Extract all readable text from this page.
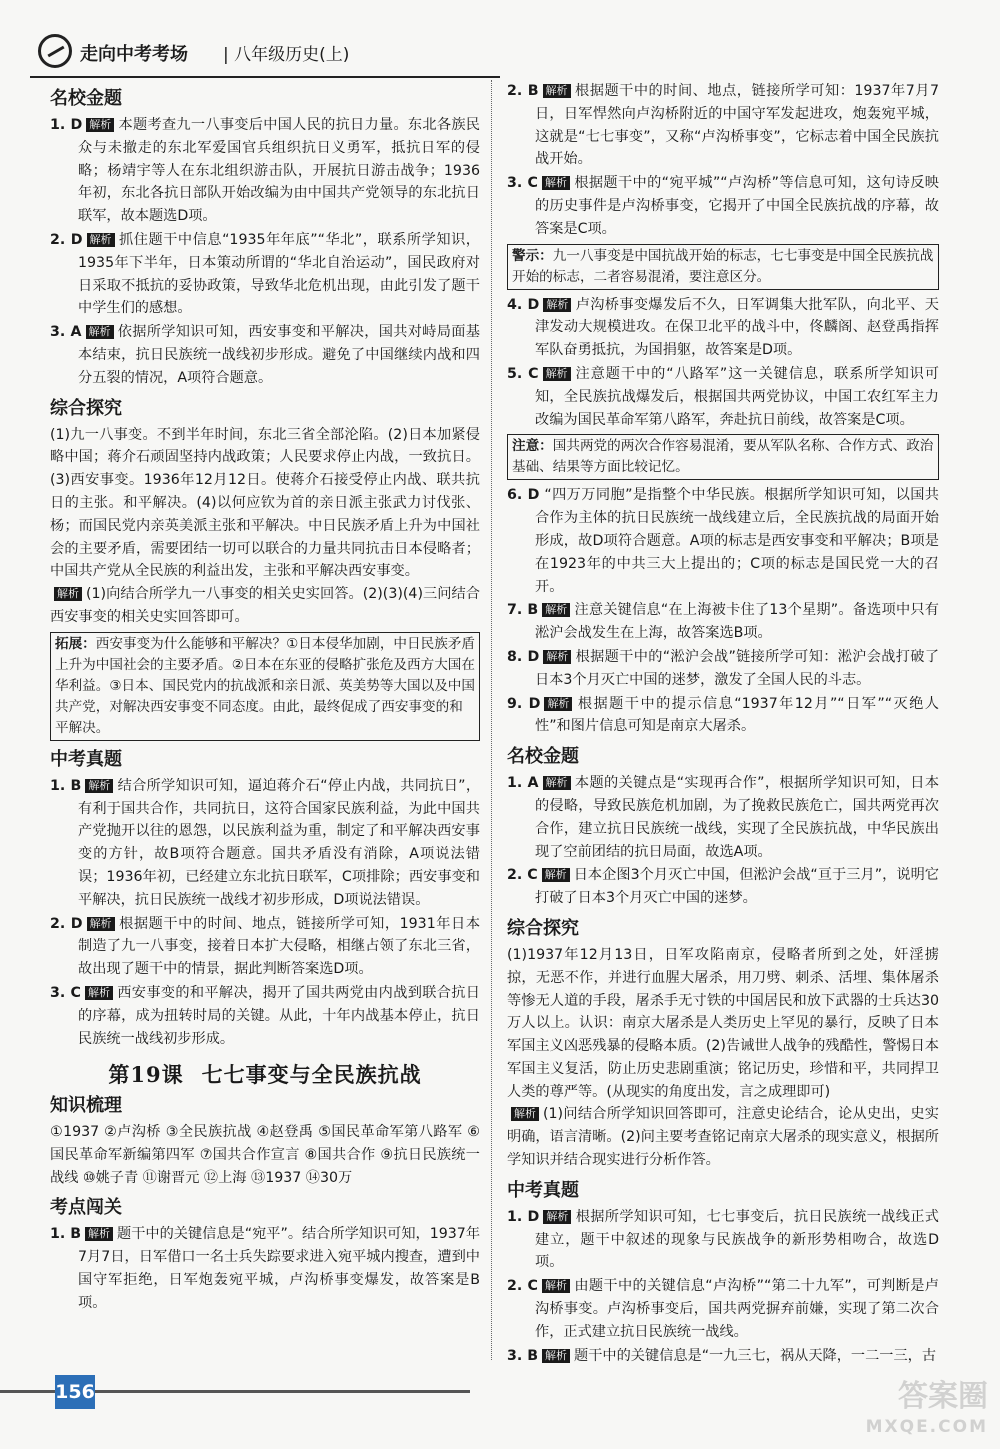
走向中考考场 | 八年级历史(上)
名校金题

1. D 解析 本题考查九一八事变后中国人民的抗日力量。东北各族民众与未撤走的东北军爱国官兵组织抗日义勇军，抵抗日军的侵略；杨靖宇等人在东北组织游击队，开展抗日游击战争；1936年初，东北各抗日部队开始改编为由中国共产党领导的东北抗日联军，故本题选D项。

2. D 解析 抓住题干中信息“1935年年底”“华北”，联系所学知识，1935年下半年，日本策动所谓的“华北自治运动”，国民政府对日采取不抵抗的妥协政策，导致华北危机出现，由此引发了题干中学生们的感想。

3. A 解析 依据所学知识可知，西安事变和平解决，国共对峙局面基本结束，抗日民族统一战线初步形成。避免了中国继续内战和四分五裂的情况，A项符合题意。

综合探究

(1)九一八事变。不到半年时间，东北三省全部沦陷。(2)日本加紧侵略中国；蒋介石顽固坚持内战政策；人民要求停止内战，一致抗日。(3)西安事变。1936年12月12日。使蒋介石接受停止内战、联共抗日的主张。和平解决。(4)以何应钦为首的亲日派主张武力讨伐张、杨；而国民党内亲英美派主张和平解决。中日民族矛盾上升为中国社会的主要矛盾，需要团结一切可以联合的力量共同抗击日本侵略者；中国共产党从全民族的利益出发，主张和平解决西安事变。

解析 (1)向结合所学九一八事变的相关史实回答。(2)(3)(4)三问结合西安事变的相关史实回答即可。

拓展：西安事变为什么能够和平解决？①日本侵华加剧，中日民族矛盾上升为中国社会的主要矛盾。②日本在东亚的侵略扩张危及西方大国在华利益。③日本、国民党内的抗战派和亲日派、英美势等大国以及中国共产党，对解决西安事变不同态度。由此，最终促成了西安事变的和平解决。
中考真题

1. B 解析 结合所学知识可知，逼迫蒋介石“停止内战，共同抗日”，有利于国共合作，共同抗日，这符合国家民族利益，为此中国共产党抛开以往的恩怨，以民族利益为重，制定了和平解决西安事变的方针，故B项符合题意。国共矛盾没有消除，A项说法错误；1936年初，已经建立东北抗日联军，C项排除；西安事变和平解决，抗日民族统一战线才初步形成，D项说法错误。

2. D 解析 根据题干中的时间、地点，链接所学可知，1931年日本制造了九一八事变，接着日本扩大侵略，相继占领了东北三省，故出现了题干中的情景，据此判断答案选D项。

3. C 解析 西安事变的和平解决，揭开了国共两党由内战到联合抗日的序幕，成为扭转时局的关键。从此，十年内战基本停止，抗日民族统一战线初步形成。

第19课 七七事变与全民族抗战
知识梳理

①1937 ②卢沟桥 ③全民族抗战 ④赵登禹 ⑤国民革命军第八路军 ⑥国民革命军新编第四军 ⑦国共合作宣言 ⑧国共合作 ⑨抗日民族统一战线 ⑩姚子青 ⑪谢晋元 ⑫上海 ⑬1937 ⑭30万

考点闯关

1. B 解析 题干中的关键信息是“宛平”。结合所学知识可知，1937年7月7日，日军借口一名士兵失踪要求进入宛平城内搜查，遭到中国守军拒绝，日军炮轰宛平城，卢沟桥事变爆发，故答案是B项。

2. B 解析 根据题干中的时间、地点，链接所学可知：1937年7月7日，日军悍然向卢沟桥附近的中国守军发起进攻，炮轰宛平城，这就是“七七事变”，又称“卢沟桥事变”，它标志着中国全民族抗战开始。

3. C 解析 根据题干中的“宛平城”“卢沟桥”等信息可知，这句诗反映的历史事件是卢沟桥事变，它揭开了中国全民族抗战的序幕，故答案是C项。

警示：九一八事变是中国抗战开始的标志，七七事变是中国全民族抗战开始的标志，二者容易混淆，要注意区分。

4. D 解析 卢沟桥事变爆发后不久，日军调集大批军队，向北平、天津发动大规模进攻。在保卫北平的战斗中，佟麟阁、赵登禹指挥军队奋勇抵抗，为国捐躯，故答案是D项。

5. C 解析 注意题干中的“八路军”这一关键信息，联系所学知识可知，全民族抗战爆发后，根据国共两党协议，中国工农红军主力改编为国民革命军第八路军，奔赴抗日前线，故答案是C项。

注意：国共两党的两次合作容易混淆，要从军队名称、合作方式、政治基础、结果等方面比较记忆。

6. D “四万万同胞”是指整个中华民族。根据所学知识可知，以国共合作为主体的抗日民族统一战线建立后，全民族抗战的局面开始形成，故D项符合题意。A项的标志是西安事变和平解决；B项是在1923年的中共三大上提出的；C项的标志是国民党一大的召开。

7. B 解析 注意关键信息“在上海被卡住了13个星期”。备选项中只有淞沪会战发生在上海，故答案选B项。

8. D 解析 根据题干中的“淞沪会战”链接所学可知：淞沪会战打破了日本3个月灭亡中国的迷梦，激发了全国人民的斗志。

9. D 解析 根据题干中的提示信息“1937年12月”“日军”“灭绝人性”和图片信息可知是南京大屠杀。

名校金题

1. A 解析 本题的关键点是“实现再合作”，根据所学知识可知，日本的侵略，导致民族危机加剧，为了挽救民族危亡，国共两党再次合作，建立抗日民族统一战线，实现了全民族抗战，中华民族出现了空前团结的抗日局面，故选A项。

2. C 解析 日本企图3个月灭亡中国，但淞沪会战“亘于三月”，说明它打破了日本3个月灭亡中国的迷梦。

综合探究

(1)1937年12月13日，日军攻陷南京，侵略者所到之处，奸淫掳掠，无恶不作，并进行血腥大屠杀，用刀劈、刺杀、活埋、集体屠杀等惨无人道的手段，屠杀手无寸铁的中国居民和放下武器的士兵达30万人以上。认识：南京大屠杀是人类历史上罕见的暴行，反映了日本军国主义凶恶残暴的侵略本质。(2)告诫世人战争的残酷性，警惕日本军国主义复活，防止历史悲剧重演；铭记历史，珍惜和平，共同捍卫人类的尊严等。(从现实的角度出发，言之成理即可)

解析 (1)问结合所学知识回答即可，注意史论结合，论从史出，史实明确，语言清晰。(2)问主要考查铭记南京大屠杀的现实意义，根据所学知识并结合现实进行分析作答。

中考真题

1. D 解析 根据所学知识可知，七七事变后，抗日民族统一战线正式建立，题干中叙述的现象与民族战争的新形势相吻合，故选D项。

2. C 解析 由题干中的关键信息“卢沟桥”“第二十九军”，可判断是卢沟桥事变。卢沟桥事变后，国共两党摒弃前嫌，实现了第二次合作，正式建立抗日民族统一战线。

3. B 解析 题干中的关键信息是“一九三七，祸从天降，一二一三，古

156	答案圈
MXQE.COM
